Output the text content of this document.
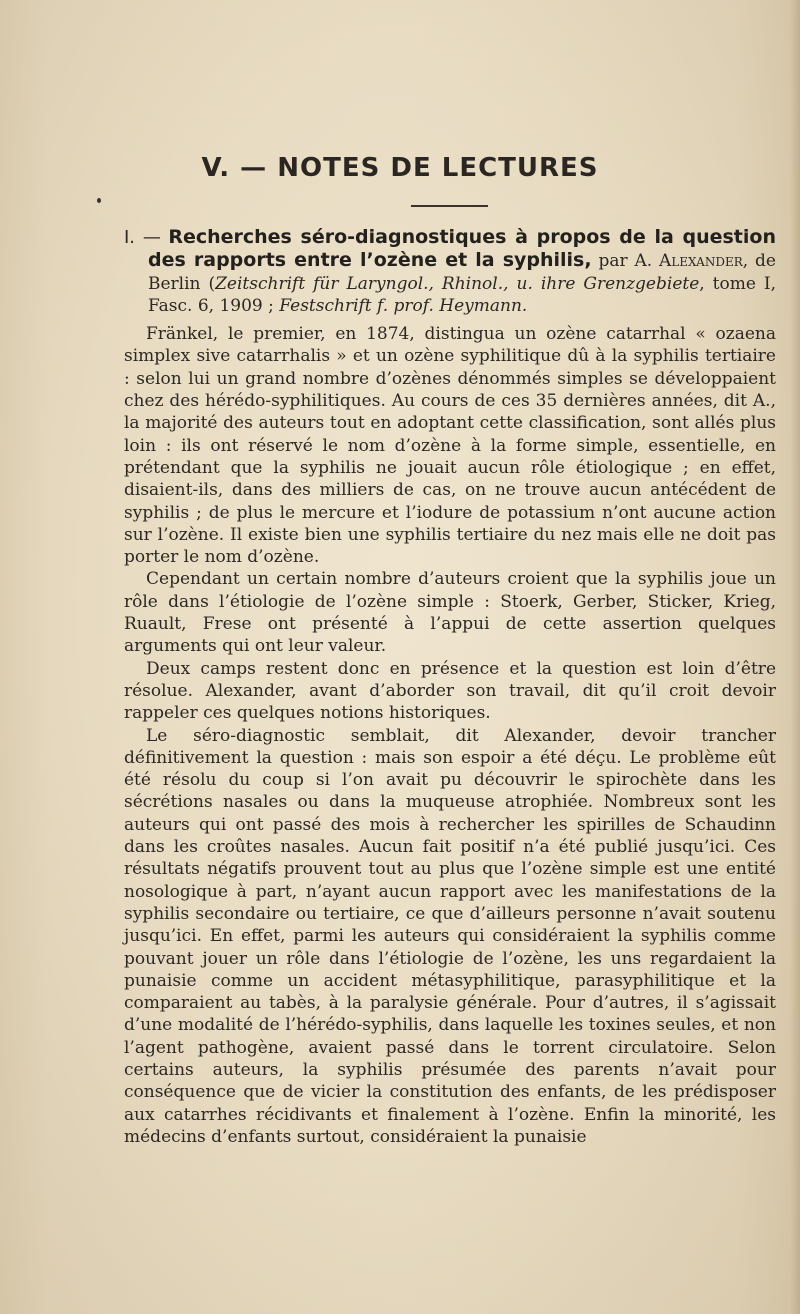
V. — NOTES DE LECTURES

I. — Recherches séro-diagnostiques à propos de la question des rapports entre l’ozène et la syphilis, par A. Alexander, de Berlin (Zeitschrift für Laryngol., Rhinol., u. ihre Grenzgebiete, tome I, Fasc. 6, 1909 ; Festschrift f. prof. Heymann.

Fränkel, le premier, en 1874, distingua un ozène catarrhal « ozaena simplex sive catarrhalis » et un ozène syphilitique dû à la syphilis tertiaire : selon lui un grand nombre d’ozènes dénommés simples se développaient chez des hérédo-syphilitiques. Au cours de ces 35 dernières années, dit A., la majorité des auteurs tout en adoptant cette classification, sont allés plus loin : ils ont réservé le nom d’ozène à la forme simple, essentielle, en prétendant que la syphilis ne jouait aucun rôle étiologique ; en effet, disaient-ils, dans des milliers de cas, on ne trouve aucun antécédent de syphilis ; de plus le mercure et l’iodure de potassium n’ont aucune action sur l’ozène. Il existe bien une syphilis tertiaire du nez mais elle ne doit pas porter le nom d’ozène.

Cependant un certain nombre d’auteurs croient que la syphilis joue un rôle dans l’étiologie de l’ozène simple : Stoerk, Gerber, Sticker, Krieg, Ruault, Frese ont présenté à l’appui de cette assertion quelques arguments qui ont leur valeur.

Deux camps restent donc en présence et la question est loin d’être résolue. Alexander, avant d’aborder son travail, dit qu’il croit devoir rappeler ces quelques notions historiques.

Le séro-diagnostic semblait, dit Alexander, devoir trancher définitivement la question : mais son espoir a été déçu. Le problème eût été résolu du coup si l’on avait pu découvrir le spirochète dans les sécrétions nasales ou dans la muqueuse atrophiée. Nombreux sont les auteurs qui ont passé des mois à rechercher les spirilles de Schaudinn dans les croûtes nasales. Aucun fait positif n’a été publié jusqu’ici. Ces résultats négatifs prouvent tout au plus que l’ozène simple est une entité nosologique à part, n’ayant aucun rapport avec les manifestations de la syphilis secondaire ou tertiaire, ce que d’ailleurs personne n’avait soutenu jusqu’ici. En effet, parmi les auteurs qui considéraient la syphilis comme pouvant jouer un rôle dans l’étiologie de l’ozène, les uns regardaient la punaisie comme un accident métasyphilitique, parasyphilitique et la comparaient au tabès, à la paralysie générale. Pour d’autres, il s’agissait d’une modalité de l’hérédo-syphilis, dans laquelle les toxines seules, et non l’agent pathogène, avaient passé dans le torrent circulatoire. Selon certains auteurs, la syphilis présumée des parents n’avait pour conséquence que de vicier la constitution des enfants, de les prédisposer aux catarrhes récidivants et finalement à l’ozène. Enfin la minorité, les médecins d’enfants surtout, considéraient la punaisie
